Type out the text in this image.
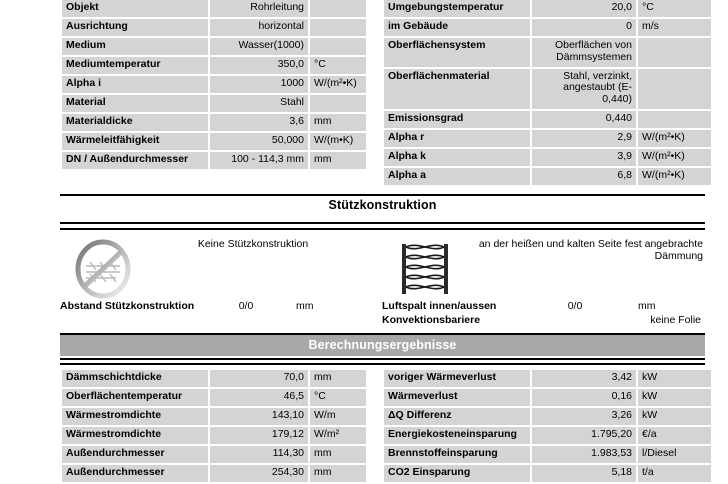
Objekt	Rohrleitung	
Ausrichtung	horizontal	
Medium	Wasser(1000)	
Mediumtemperatur	350,0	°C
Alpha i	1000	W/(m²•K)
Material	Stahl	
Materialdicke	3,6	mm
Wärmeleitfähigkeit	50,000	W/(m•K)
DN / Außendurchmesser	100 - 114,3 mm	mm
Umgebungstemperatur	20,0	°C
im Gebäude	0	m/s
Oberflächensystem	Oberflächen von Dämmsystemen	
Oberflächenmaterial	Stahl, verzinkt, angestaubt (E- 0,440)	
Emissionsgrad	0,440	
Alpha r	2,9	W/(m²•K)
Alpha k	3,9	W/(m²•K)
Alpha a	6,8	W/(m²•K)
Stützkonstruktion
Keine Stützkonstruktion
Abstand Stützkonstruktion	0/0	mm
an der heißen und kalten Seite fest angebrachte Dämmung
Luftspalt innen/aussen	0/0	mm
Konvektionsbariere	keine Folie
Berechnungsergebnisse
Dämmschichtdicke	70,0	mm
Oberflächentemperatur	46,5	°C
Wärmestromdichte	143,10	W/m
Wärmestromdichte	179,12	W/m²
Außendurchmesser	114,30	mm
Außendurchmesser	254,30	mm
voriger Wärmeverlust	3,42	kW
Wärmeverlust	0,16	kW
ΔQ Differenz	3,26	kW
Energiekosteneinsparung	1.795,20	€/a
Brennstoffeinsparung	1.983,53	l/Diesel
CO2 Einsparung	5,18	t/a
